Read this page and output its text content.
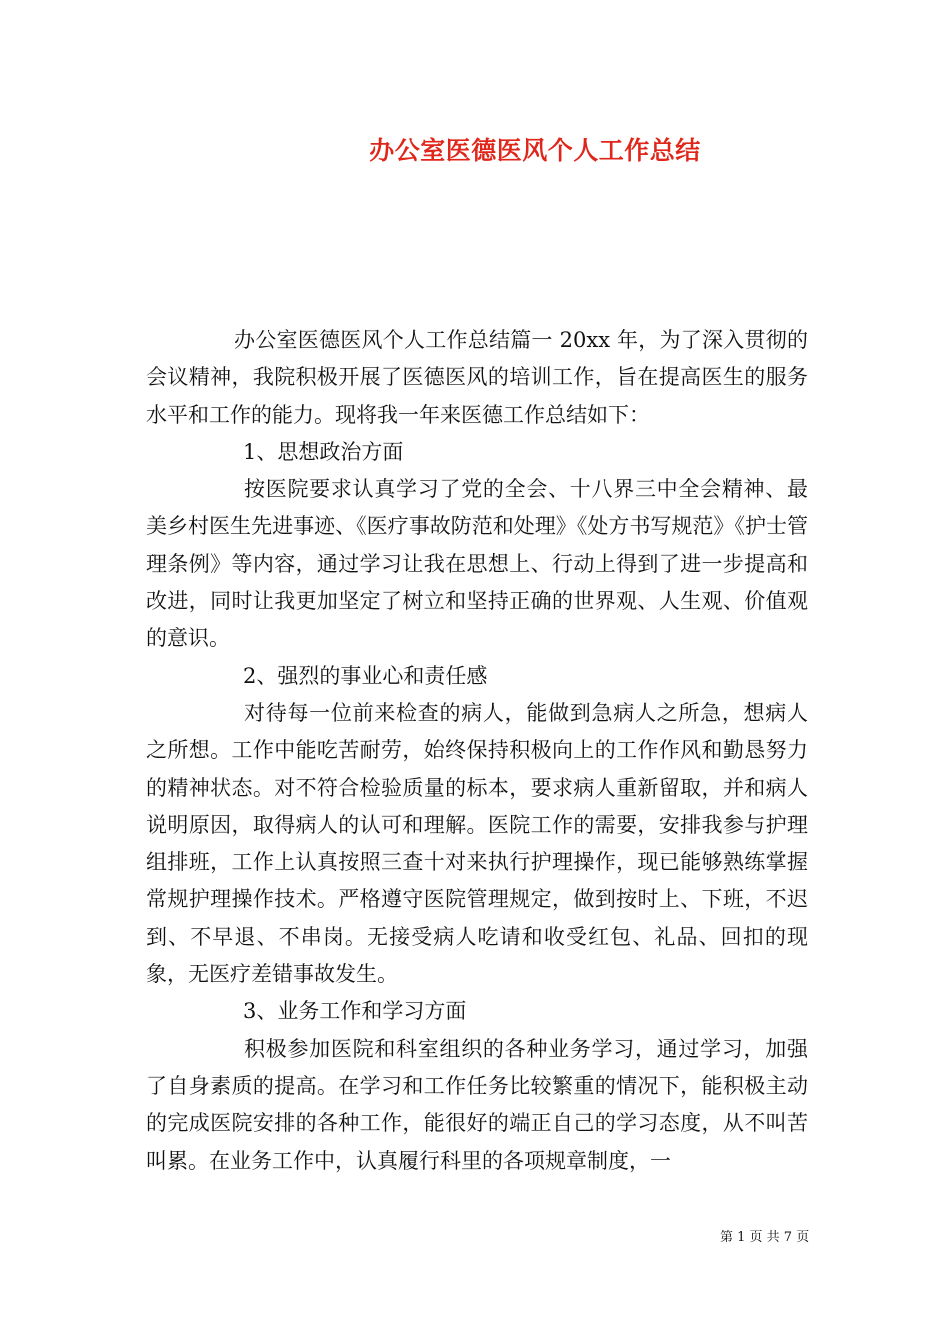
办公室医德医风个人工作总结

办公室医德医风个人工作总结篇一 20xx 年，为了深入贯彻的会议精神，我院积极开展了医德医风的培训工作，旨在提高医生的服务水平和工作的能力。现将我一年来医德工作总结如下：

1、思想政治方面

按医院要求认真学习了党的全会、十八界三中全会精神、最美乡村医生先进事迹、《医疗事故防范和处理》《处方书写规范》《护士管理条例》等内容，通过学习让我在思想上、行动上得到了进一步提高和改进，同时让我更加坚定了树立和坚持正确的世界观、人生观、价值观的意识。

2、强烈的事业心和责任感

对待每一位前来检查的病人，能做到急病人之所急，想病人之所想。工作中能吃苦耐劳，始终保持积极向上的工作作风和勤恳努力的精神状态。对不符合检验质量的标本，要求病人重新留取，并和病人说明原因，取得病人的认可和理解。医院工作的需要，安排我参与护理组排班，工作上认真按照三查十对来执行护理操作，现已能够熟练掌握常规护理操作技术。严格遵守医院管理规定，做到按时上、下班，不迟到、不早退、不串岗。无接受病人吃请和收受红包、礼品、回扣的现象，无医疗差错事故发生。

3、业务工作和学习方面

积极参加医院和科室组织的各种业务学习，通过学习，加强了自身素质的提高。在学习和工作任务比较繁重的情况下，能积极主动的完成医院安排的各种工作，能很好的端正自己的学习态度，从不叫苦叫累。在业务工作中，认真履行科里的各项规章制度，一

第 1 页 共 7 页
